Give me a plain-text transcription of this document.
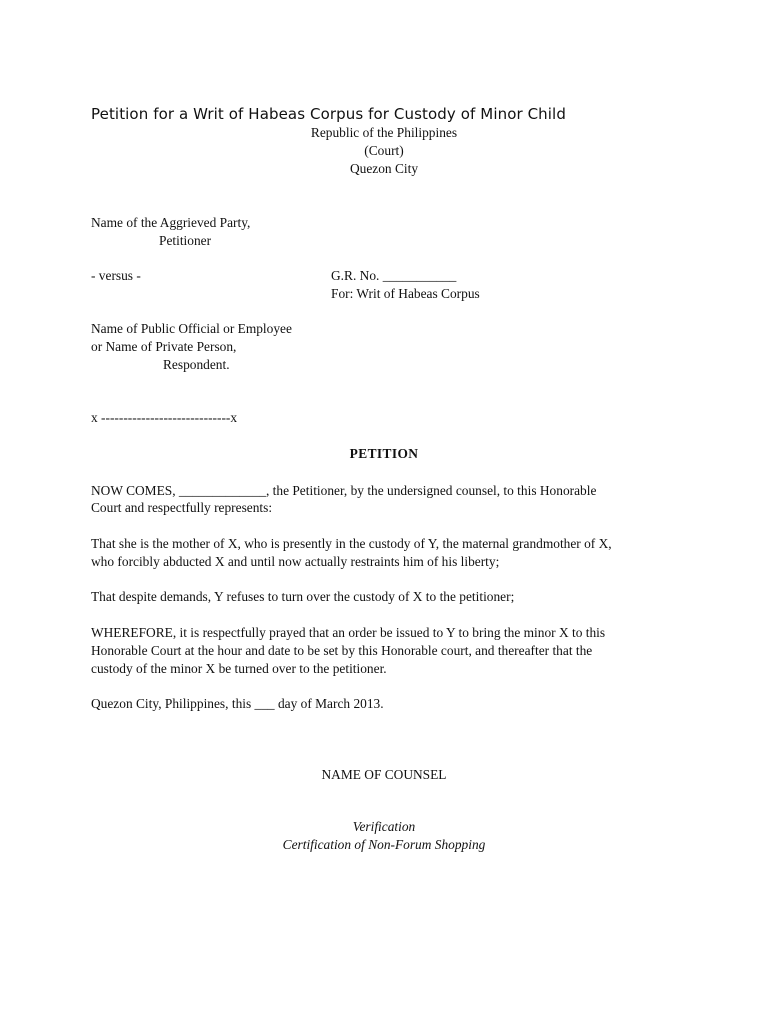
Petition for a Writ of Habeas Corpus for Custody of Minor Child
Republic of the Philippines
(Court)
Quezon City
Name of the Aggrieved Party,
Petitioner
- versus -	G.R. No. ___________
For: Writ of Habeas Corpus
Name of Public Official or Employee
or Name of Private Person,
Respondent.
x -----------------------------x
PETITION
NOW COMES, _____________, the Petitioner, by the undersigned counsel, to this Honorable
Court and respectfully represents:
That she is the mother of X, who is presently in the custody of Y, the maternal grandmother of X,
who forcibly abducted X and until now actually restraints him of his liberty;
That despite demands, Y refuses to turn over the custody of X to the petitioner;
WHEREFORE, it is respectfully prayed that an order be issued to Y to bring the minor X to this
Honorable Court at the hour and date to be set by this Honorable court, and thereafter that the
custody of the minor X be turned over to the petitioner.
Quezon City, Philippines, this ___ day of March 2013.
NAME OF COUNSEL
Verification
Certification of Non-Forum Shopping
